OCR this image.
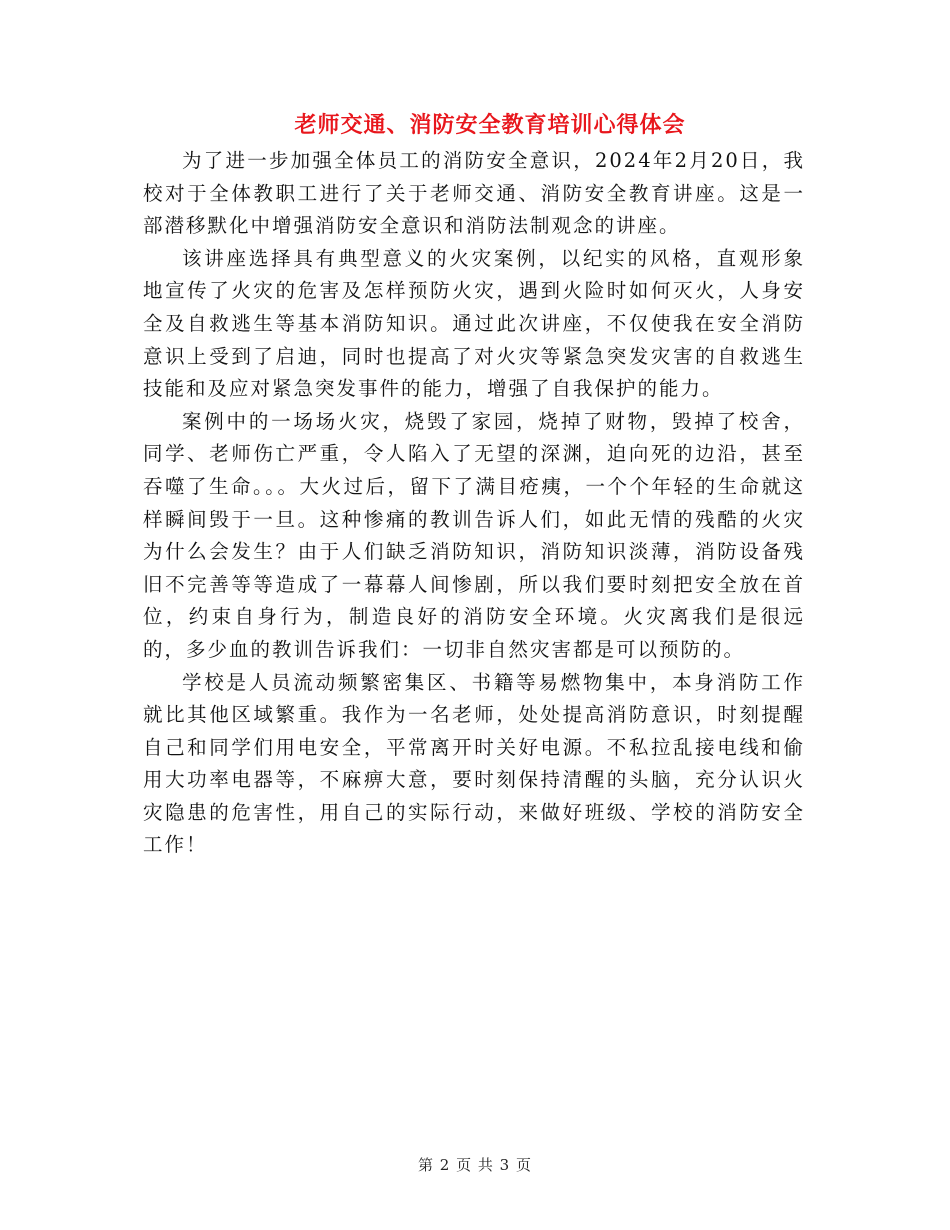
老师交通、消防安全教育培训心得体会

为了进一步加强全体员工的消防安全意识，2024年2月20日，我校对于全体教职工进行了关于老师交通、消防安全教育讲座。这是一部潜移默化中增强消防安全意识和消防法制观念的讲座。

该讲座选择具有典型意义的火灾案例，以纪实的风格，直观形象地宣传了火灾的危害及怎样预防火灾，遇到火险时如何灭火，人身安全及自救逃生等基本消防知识。通过此次讲座，不仅使我在安全消防意识上受到了启迪，同时也提高了对火灾等紧急突发灾害的自救逃生技能和及应对紧急突发事件的能力，增强了自我保护的能力。

案例中的一场场火灾，烧毁了家园，烧掉了财物，毁掉了校舍，同学、老师伤亡严重，令人陷入了无望的深渊，迫向死的边沿，甚至吞噬了生命。。。大火过后，留下了满目疮痍，一个个年轻的生命就这样瞬间毁于一旦。这种惨痛的教训告诉人们，如此无情的残酷的火灾为什么会发生？由于人们缺乏消防知识，消防知识淡薄，消防设备残旧不完善等等造成了一幕幕人间惨剧，所以我们要时刻把安全放在首位，约束自身行为，制造良好的消防安全环境。火灾离我们是很远的，多少血的教训告诉我们：一切非自然灾害都是可以预防的。

学校是人员流动频繁密集区、书籍等易燃物集中，本身消防工作就比其他区域繁重。我作为一名老师，处处提高消防意识，时刻提醒自己和同学们用电安全，平常离开时关好电源。不私拉乱接电线和偷用大功率电器等，不麻痹大意，要时刻保持清醒的头脑，充分认识火灾隐患的危害性，用自己的实际行动，来做好班级、学校的消防安全工作！

第 2 页 共 3 页
